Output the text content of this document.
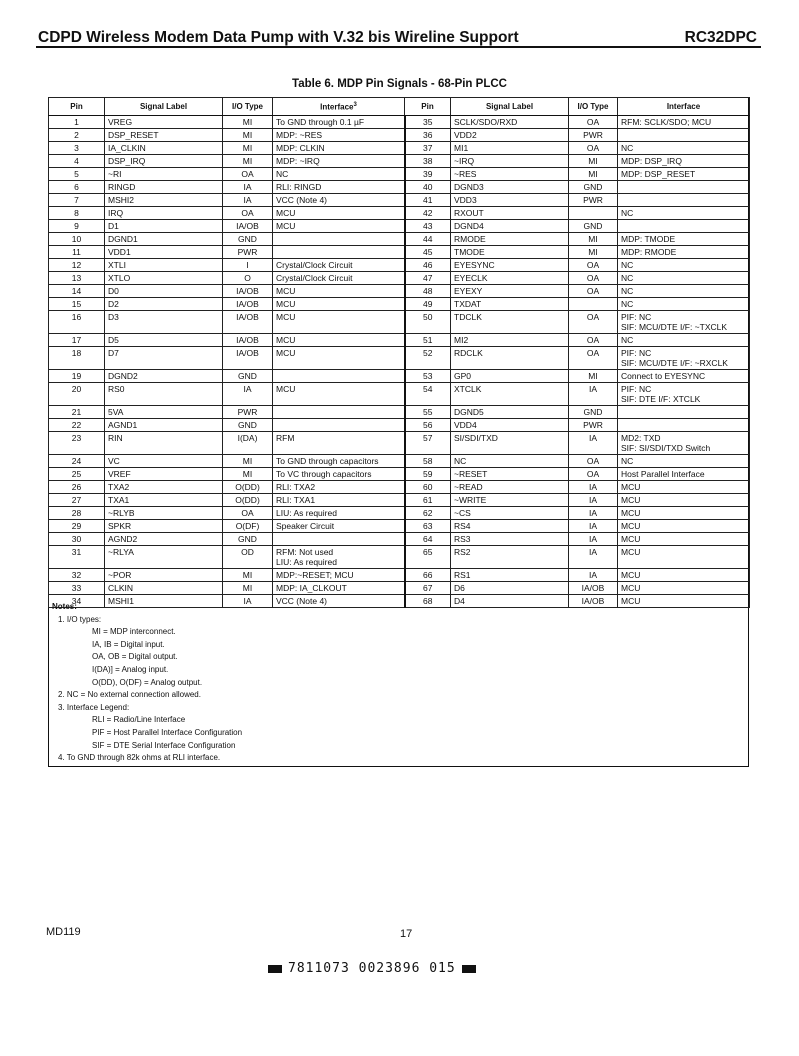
CDPD Wireless Modem Data Pump with V.32 bis Wireline Support	RC32DPC
Table 6. MDP Pin Signals - 68-Pin PLCC
Pin	Signal Label	I/O Type	Interface$^3$	Pin	Signal Label	I/O Type	Interface

1	VREG	MI	To GND through 0.1 µF	35	SCLK/SDO/RXD	OA	RFM: SCLK/SDO; MCU

2	DSP_RESET	MI	MDP: ~RES	36	VDD2	PWR	

3	IA_CLKIN	MI	MDP: CLKIN	37	MI1	OA	NC

4	DSP_IRQ	MI	MDP: ~IRQ	38	~IRQ	MI	MDP: DSP_IRQ

5	~RI	OA	NC	39	~RES	MI	MDP: DSP_RESET

6	RINGD	IA	RLI: RINGD	40	DGND3	GND	

7	MSHI2	IA	VCC (Note 4)	41	VDD3	PWR	

8	IRQ	OA	MCU	42	RXOUT		NC

9	D1	IA/OB	MCU	43	DGND4	GND	

10	DGND1	GND		44	RMODE	MI	MDP: TMODE

11	VDD1	PWR		45	TMODE	MI	MDP: RMODE

12	XTLI	I	Crystal/Clock Circuit	46	EYESYNC	OA	NC

13	XTLO	O	Crystal/Clock Circuit	47	EYECLK	OA	NC

14	D0	IA/OB	MCU	48	EYEXY	OA	NC

15	D2	IA/OB	MCU	49	TXDAT		NC

16	D3	IA/OB	MCU	50	TDCLK	OA	PIF: NC
SIF: MCU/DTE I/F: ~TXCLK

17	D5	IA/OB	MCU	51	MI2	OA	NC

18	D7	IA/OB	MCU	52	RDCLK	OA	PIF: NC
SIF: MCU/DTE I/F: ~RXCLK

19	DGND2	GND		53	GP0	MI	Connect to EYESYNC

20	RS0	IA	MCU	54	XTCLK	IA	PIF: NC
SIF: DTE I/F: XTCLK

21	5VA	PWR		55	DGND5	GND	

22	AGND1	GND		56	VDD4	PWR	

23	RIN	I(DA)	RFM	57	SI/SDI/TXD	IA	MD2: TXD
SIF: SI/SDI/TXD Switch

24	VC	MI	To GND through capacitors	58	NC	OA	NC

25	VREF	MI	To VC through capacitors	59	~RESET	OA	Host Parallel Interface

26	TXA2	O(DD)	RLI: TXA2	60	~READ	IA	MCU

27	TXA1	O(DD)	RLI: TXA1	61	~WRITE	IA	MCU

28	~RLYB	OA	LIU: As required	62	~CS	IA	MCU

29	SPKR	O(DF)	Speaker Circuit	63	RS4	IA	MCU

30	AGND2	GND		64	RS3	IA	MCU

31	~RLYA	OD	RFM: Not used
LIU: As required	65	RS2	IA	MCU

32	~POR	MI	MDP:~RESET; MCU	66	RS1	IA	MCU

33	CLKIN	MI	MDP: IA_CLKOUT	67	D6	IA/OB	MCU

34	MSHI1	IA	VCC (Note 4)	68	D4	IA/OB	MCU
Notes:
1. I/O types:
MI = MDP interconnect.
IA, IB = Digital input.
OA, OB = Digital output.
I(DA)] = Analog input.
O(DD), O(DF) = Analog output.
2. NC = No external connection allowed.
3. Interface Legend:
RLI = Radio/Line Interface
PIF = Host Parallel Interface Configuration
SIF = DTE Serial Interface Configuration
4. To GND through 82k ohms at RLI interface.
MD119	17
7811073 0023896 015
